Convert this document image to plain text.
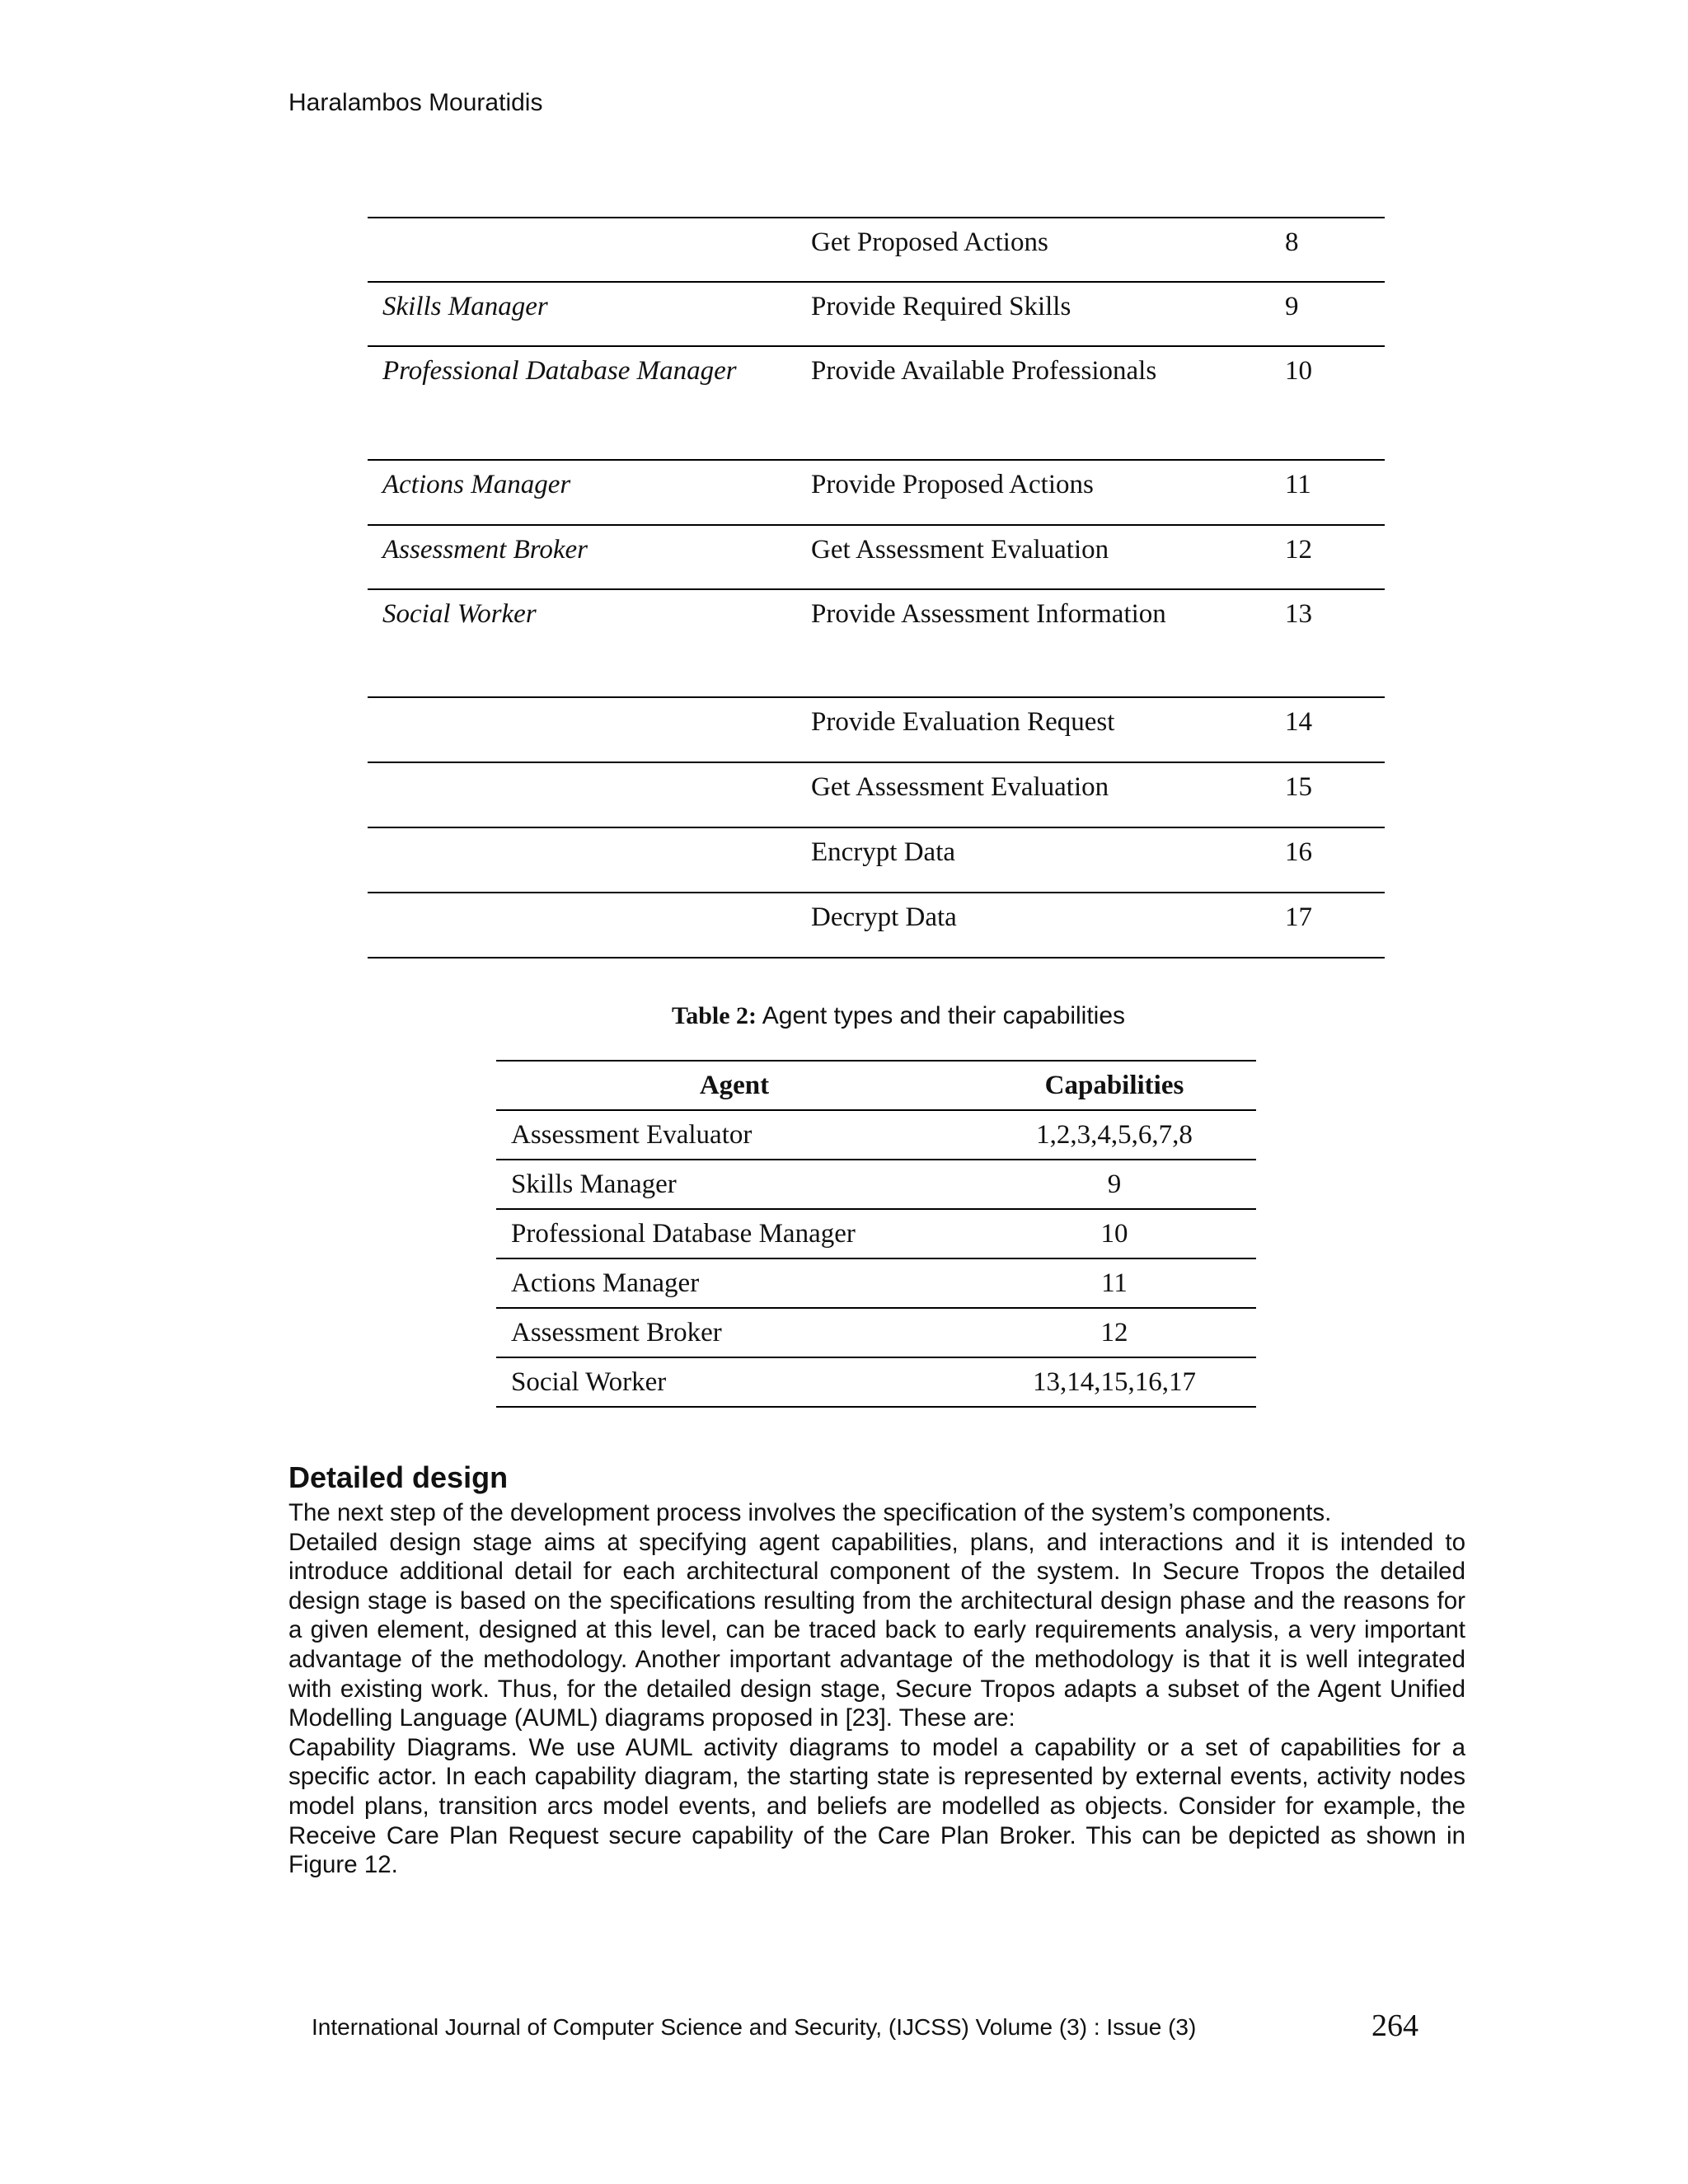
Haralambos Mouratidis
	Get Proposed Actions	8
Skills Manager	Provide Required Skills	9
Professional Database Manager	Provide Available Professionals	10
Actions Manager	Provide Proposed Actions	11
Assessment Broker	Get Assessment Evaluation	12
Social Worker	Provide Assessment Information	13
	Provide Evaluation Request	14
	Get Assessment Evaluation	15
	Encrypt Data	16
	Decrypt Data	17
Table 2: Agent types and their capabilities
Agent	Capabilities
Assessment Evaluator	1,2,3,4,5,6,7,8
Skills Manager	9
Professional Database Manager	10
Actions Manager	11
Assessment Broker	12
Social Worker	13,14,15,16,17
Detailed design

The next step of the development process involves the specification of the system’s components.

Detailed design stage aims at specifying agent capabilities, plans, and interactions and it is intended to introduce additional detail for each architectural component of the system. In Secure Tropos the detailed design stage is based on the specifications resulting from the architectural design phase and the reasons for a given element, designed at this level, can be traced back to early requirements analysis, a very important advantage of the methodology. Another important advantage of the methodology is that it is well integrated with existing work. Thus, for the detailed design stage, Secure Tropos adapts a subset of the Agent Unified Modelling Language (AUML) diagrams proposed in [23]. These are:

Capability Diagrams. We use AUML activity diagrams to model a capability or a set of capabilities for a specific actor. In each capability diagram, the starting state is represented by external events, activity nodes model plans, transition arcs model events, and beliefs are modelled as objects. Consider for example, the Receive Care Plan Request secure capability of the Care Plan Broker. This can be depicted as shown in Figure 12.

International Journal of Computer Science and Security, (IJCSS) Volume (3) : Issue (3)	264
